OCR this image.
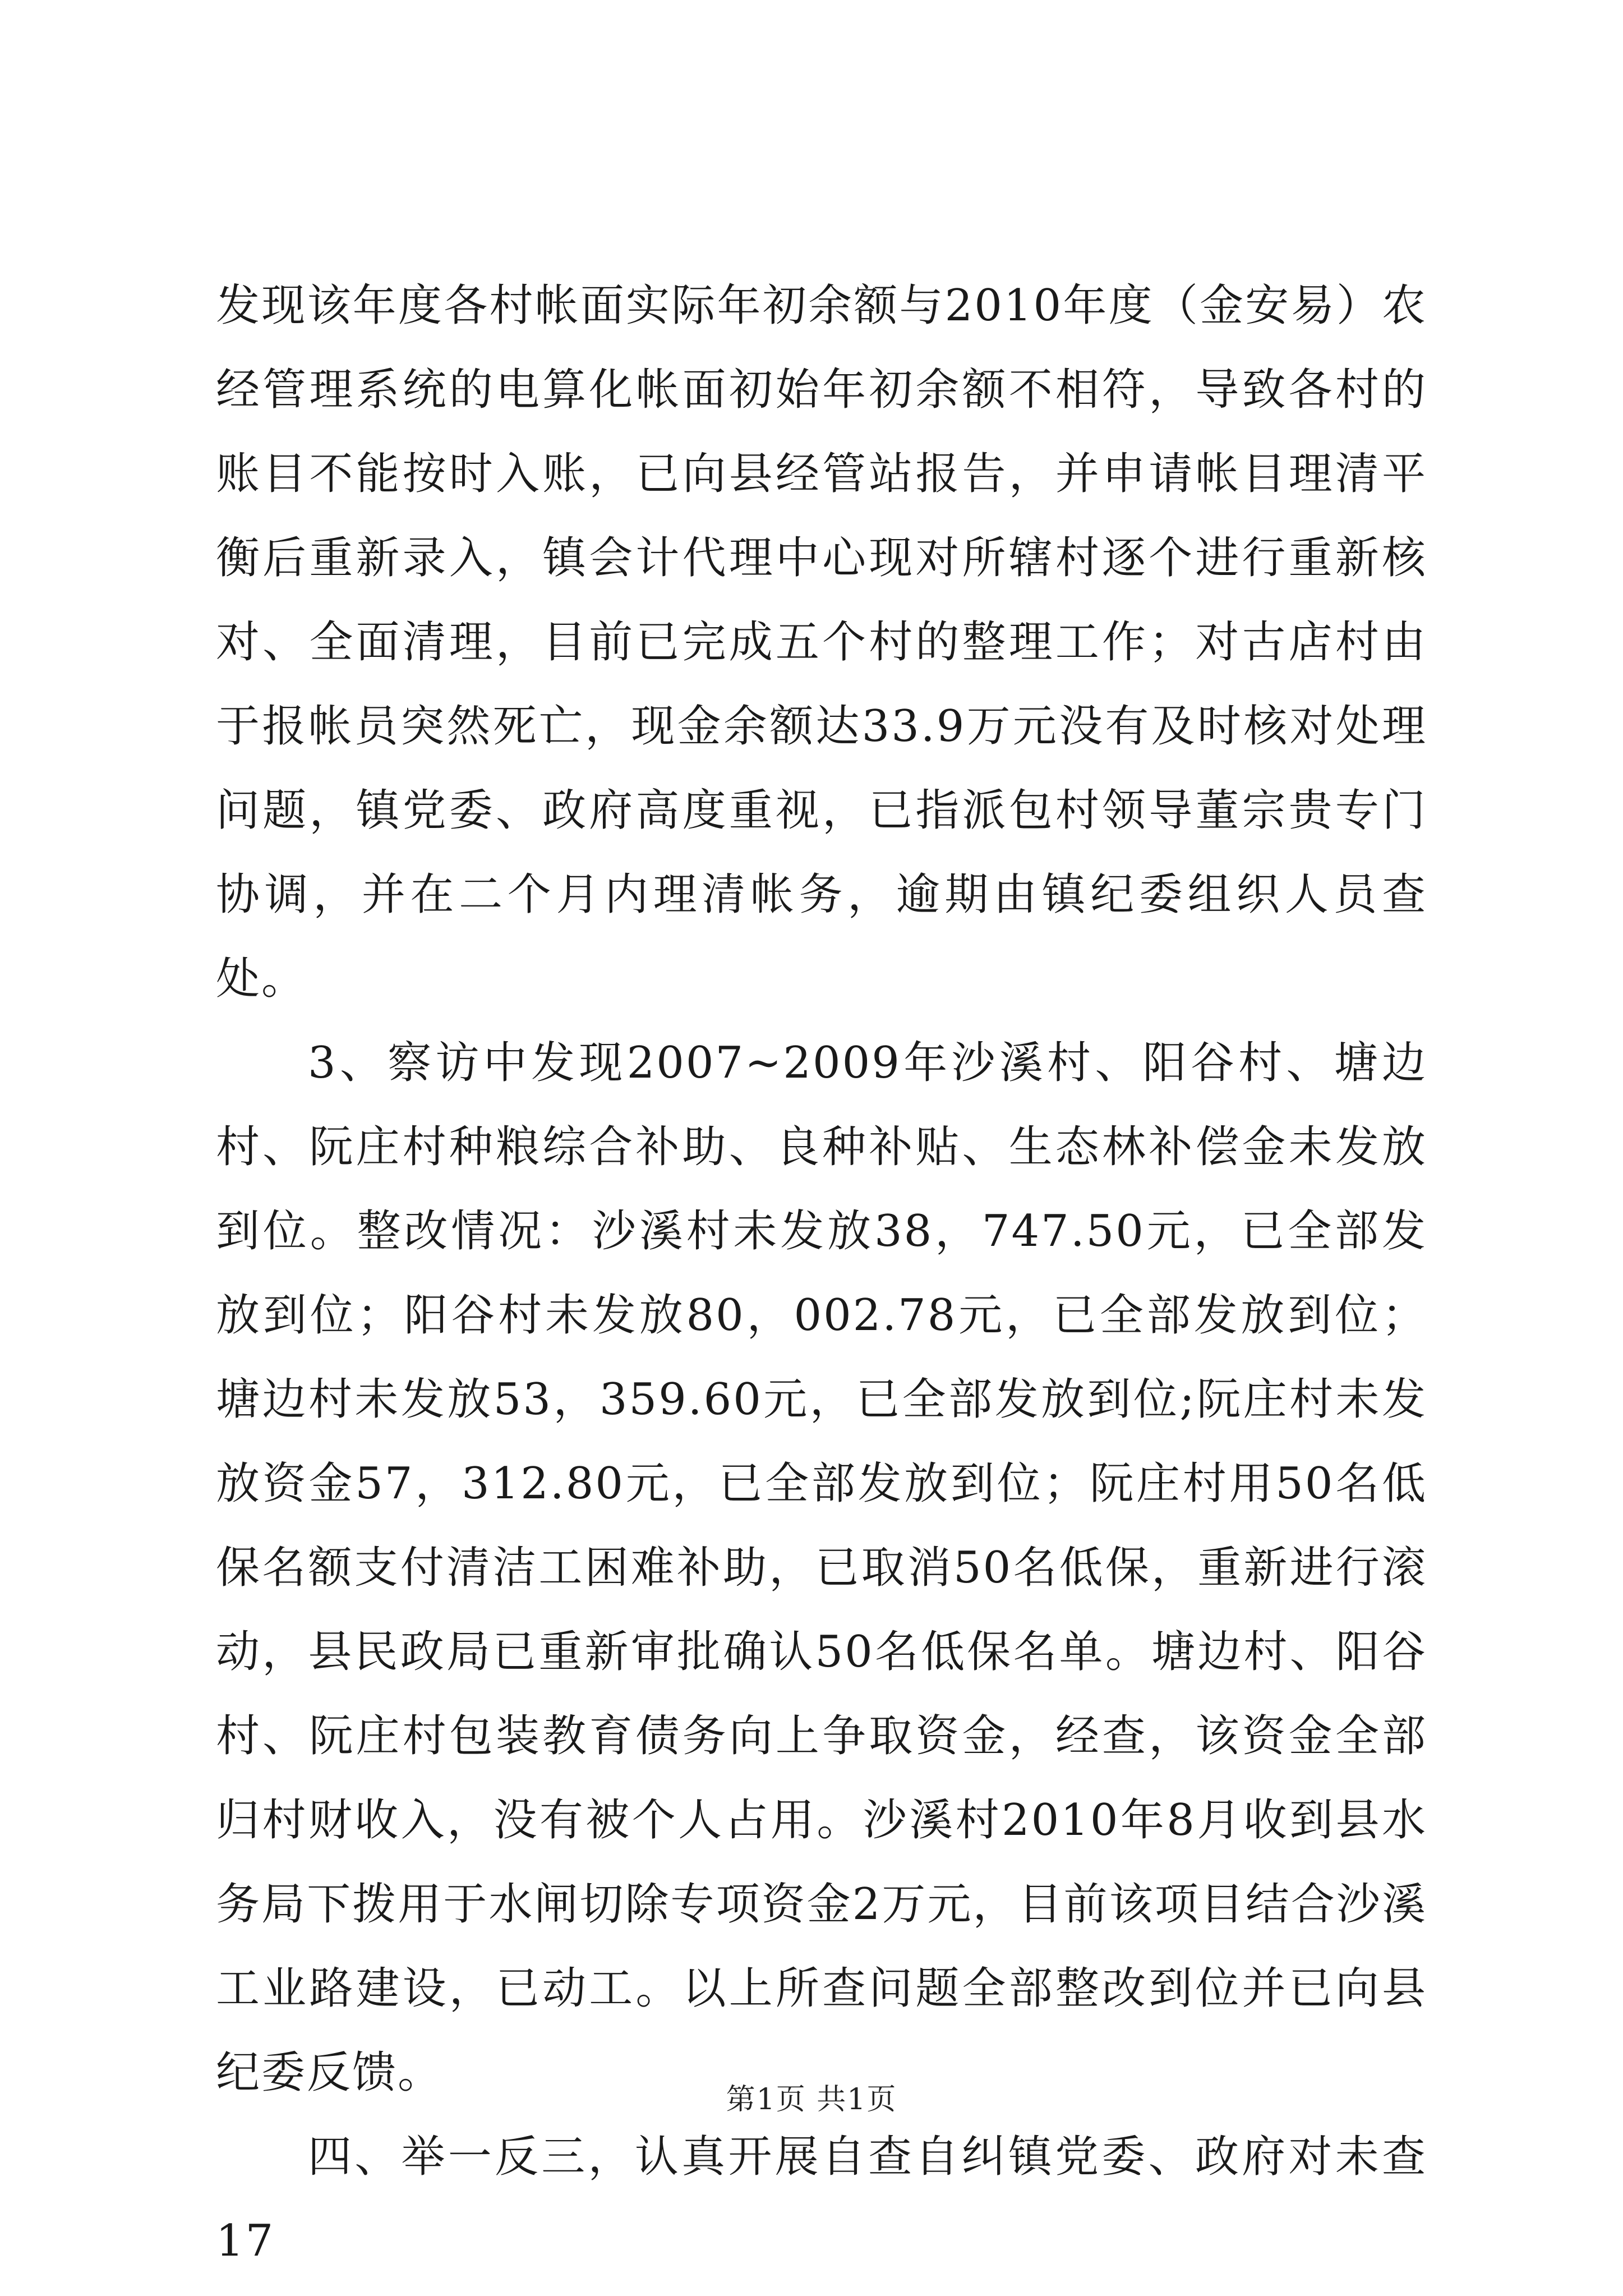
发现该年度各村帐面实际年初余额与2010年度（金安易）农经管理系统的电算化帐面初始年初余额不相符，导致各村的账目不能按时入账，已向县经管站报告，并申请帐目理清平衡后重新录入，镇会计代理中心现对所辖村逐个进行重新核对、全面清理，目前已完成五个村的整理工作；对古店村由于报帐员突然死亡，现金余额达33.9万元没有及时核对处理问题，镇党委、政府高度重视，已指派包村领导董宗贵专门协调，并在二个月内理清帐务，逾期由镇纪委组织人员查处。

3、察访中发现2007~2009年沙溪村、阳谷村、塘边村、阮庄村种粮综合补助、良种补贴、生态林补偿金未发放到位。整改情况：沙溪村未发放38，747.50元，已全部发放到位；阳谷村未发放80，002.78元，已全部发放到位；塘边村未发放53，359.60元，已全部发放到位;阮庄村未发放资金57，312.80元，已全部发放到位；阮庄村用50名低保名额支付清洁工困难补助，已取消50名低保，重新进行滚动，县民政局已重新审批确认50名低保名单。塘边村、阳谷村、阮庄村包装教育债务向上争取资金，经查，该资金全部归村财收入，没有被个人占用。沙溪村2010年8月收到县水务局下拨用于水闸切除专项资金2万元，目前该项目结合沙溪工业路建设，已动工。以上所查问题全部整改到位并已向县纪委反馈。

四、举一反三，认真开展自查自纠镇党委、政府对未查17

第1页 共1页
